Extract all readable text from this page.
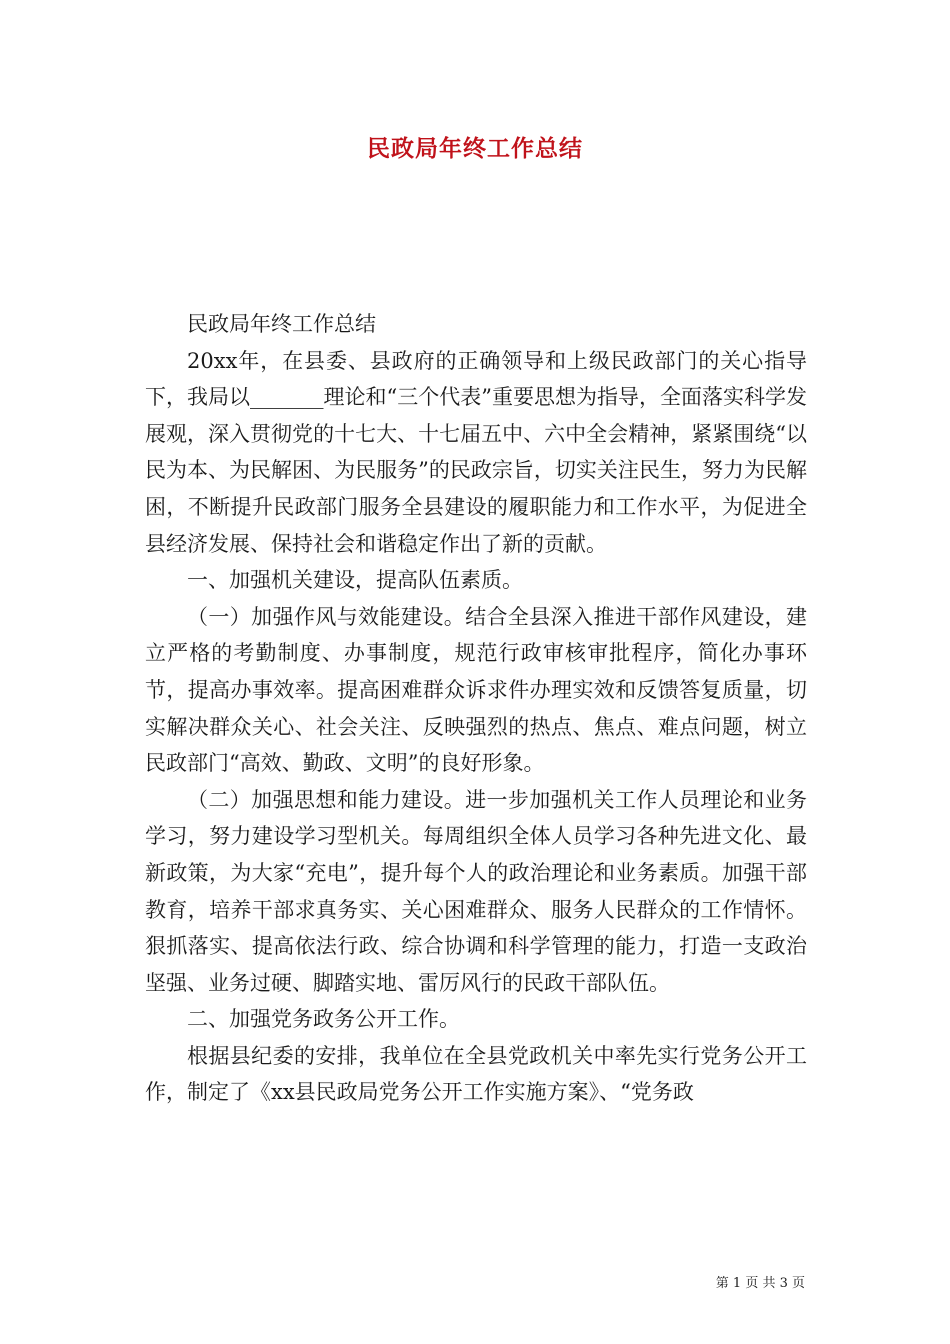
民政局年终工作总结

民政局年终工作总结

20xx年，在县委、县政府的正确领导和上级民政部门的关心指导下，我局以_______理论和“三个代表”重要思想为指导，全面落实科学发展观，深入贯彻党的十七大、十七届五中、六中全会精神，紧紧围绕“以民为本、为民解困、为民服务”的民政宗旨，切实关注民生，努力为民解困，不断提升民政部门服务全县建设的履职能力和工作水平，为促进全县经济发展、保持社会和谐稳定作出了新的贡献。

一、加强机关建设，提高队伍素质。

（一）加强作风与效能建设。结合全县深入推进干部作风建设，建立严格的考勤制度、办事制度，规范行政审核审批程序，简化办事环节，提高办事效率。提高困难群众诉求件办理实效和反馈答复质量，切实解决群众关心、社会关注、反映强烈的热点、焦点、难点问题，树立民政部门“高效、勤政、文明”的良好形象。

（二）加强思想和能力建设。进一步加强机关工作人员理论和业务学习，努力建设学习型机关。每周组织全体人员学习各种先进文化、最新政策，为大家“充电”，提升每个人的政治理论和业务素质。加强干部教育，培养干部求真务实、关心困难群众、服务人民群众的工作情怀。狠抓落实、提高依法行政、综合协调和科学管理的能力，打造一支政治坚强、业务过硬、脚踏实地、雷厉风行的民政干部队伍。

二、加强党务政务公开工作。

根据县纪委的安排，我单位在全县党政机关中率先实行党务公开工作，制定了《xx县民政局党务公开工作实施方案》、“党务政

第 1 页 共 3 页
